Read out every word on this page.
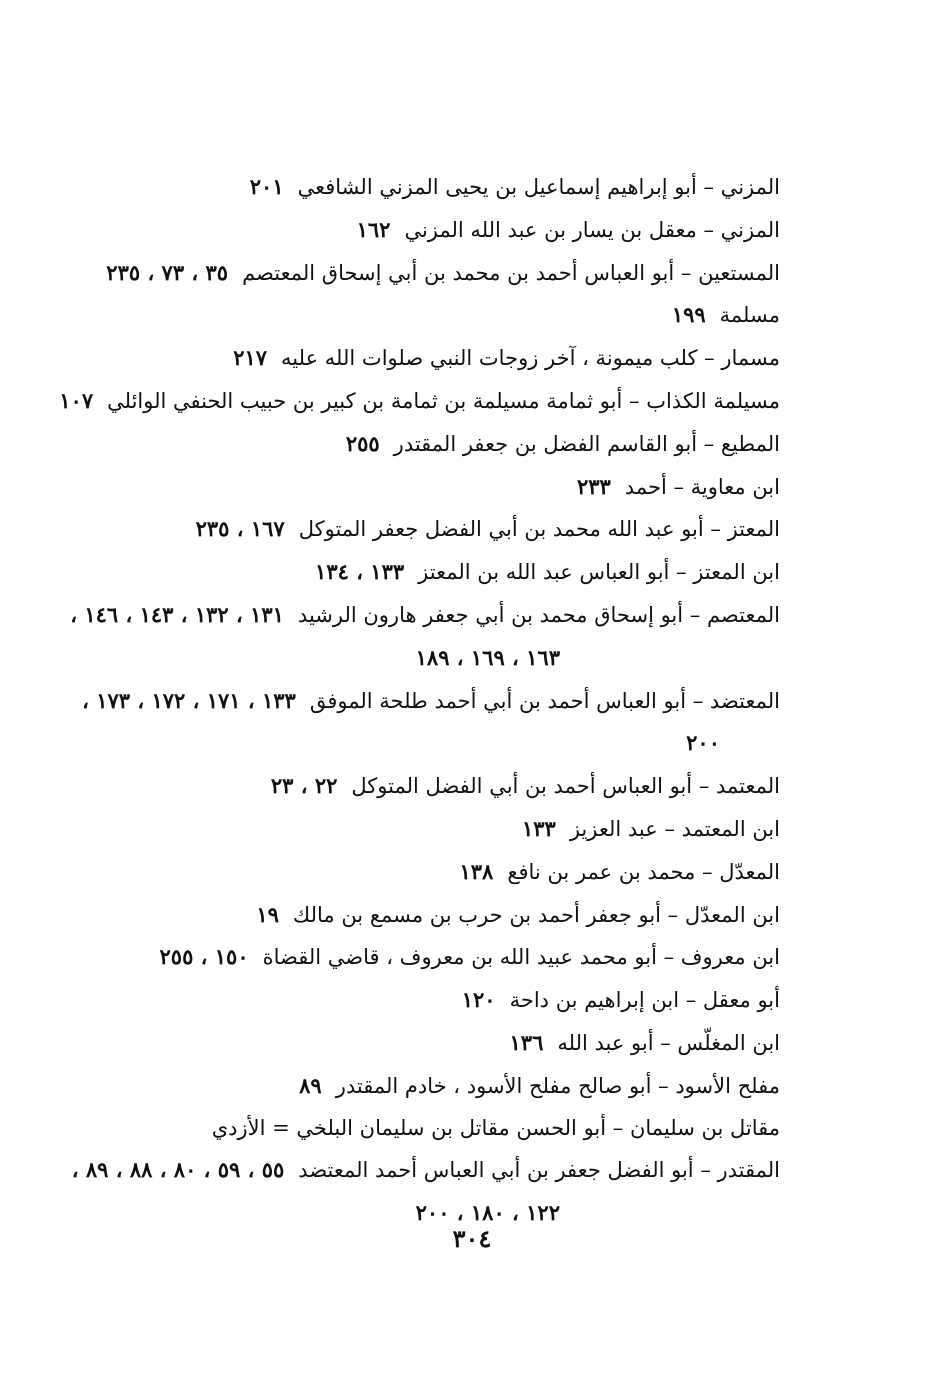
المزني – أبو إبراهيم إسماعيل بن يحيى المزني الشافعي٢٠١
المزني – معقل بن يسار بن عبد الله المزني١٦٢
المستعين – أبو العباس أحمد بن محمد بن أبي إسحاق المعتصم٣٥ ، ٧٣ ، ٢٣٥
مسلمة١٩٩
مسمار – كلب ميمونة ، آخر زوجات النبي صلوات الله عليه٢١٧
مسيلمة الكذاب – أبو ثمامة مسيلمة بن ثمامة بن كبير بن حبيب الحنفي الوائلي١٠٧
المطيع – أبو القاسم الفضل بن جعفر المقتدر٢٥٥
ابن معاوية – أحمد٢٣٣
المعتز – أبو عبد الله محمد بن أبي الفضل جعفر المتوكل١٦٧ ، ٢٣٥
ابن المعتز – أبو العباس عبد الله بن المعتز١٣٣ ، ١٣٤
المعتصم – أبو إسحاق محمد بن أبي جعفر هارون الرشيد١٣١ ، ١٣٢ ، ١٤٣ ، ١٤٦ ،
١٦٣ ، ١٦٩ ، ١٨٩
المعتضد – أبو العباس أحمد بن أبي أحمد طلحة الموفق١٣٣ ، ١٧١ ، ١٧٢ ، ١٧٣ ،
٢٠٠
المعتمد – أبو العباس أحمد بن أبي الفضل المتوكل٢٢ ، ٢٣
ابن المعتمد – عبد العزيز١٣٣
المعدّل – محمد بن عمر بن نافع١٣٨
ابن المعدّل – أبو جعفر أحمد بن حرب بن مسمع بن مالك١٩
ابن معروف – أبو محمد عبيد الله بن معروف ، قاضي القضاة١٥٠ ، ٢٥٥
أبو معقل – ابن إبراهيم بن داحة١٢٠
ابن المغلّس – أبو عبد الله١٣٦
مفلح الأسود – أبو صالح مفلح الأسود ، خادم المقتدر٨٩
مقاتل بن سليمان – أبو الحسن مقاتل بن سليمان البلخي = الأزدي
المقتدر – أبو الفضل جعفر بن أبي العباس أحمد المعتضد٥٥ ، ٥٩ ، ٨٠ ، ٨٨ ، ٨٩ ،
١٢٢ ، ١٨٠ ، ٢٠٠
٣٠٤
